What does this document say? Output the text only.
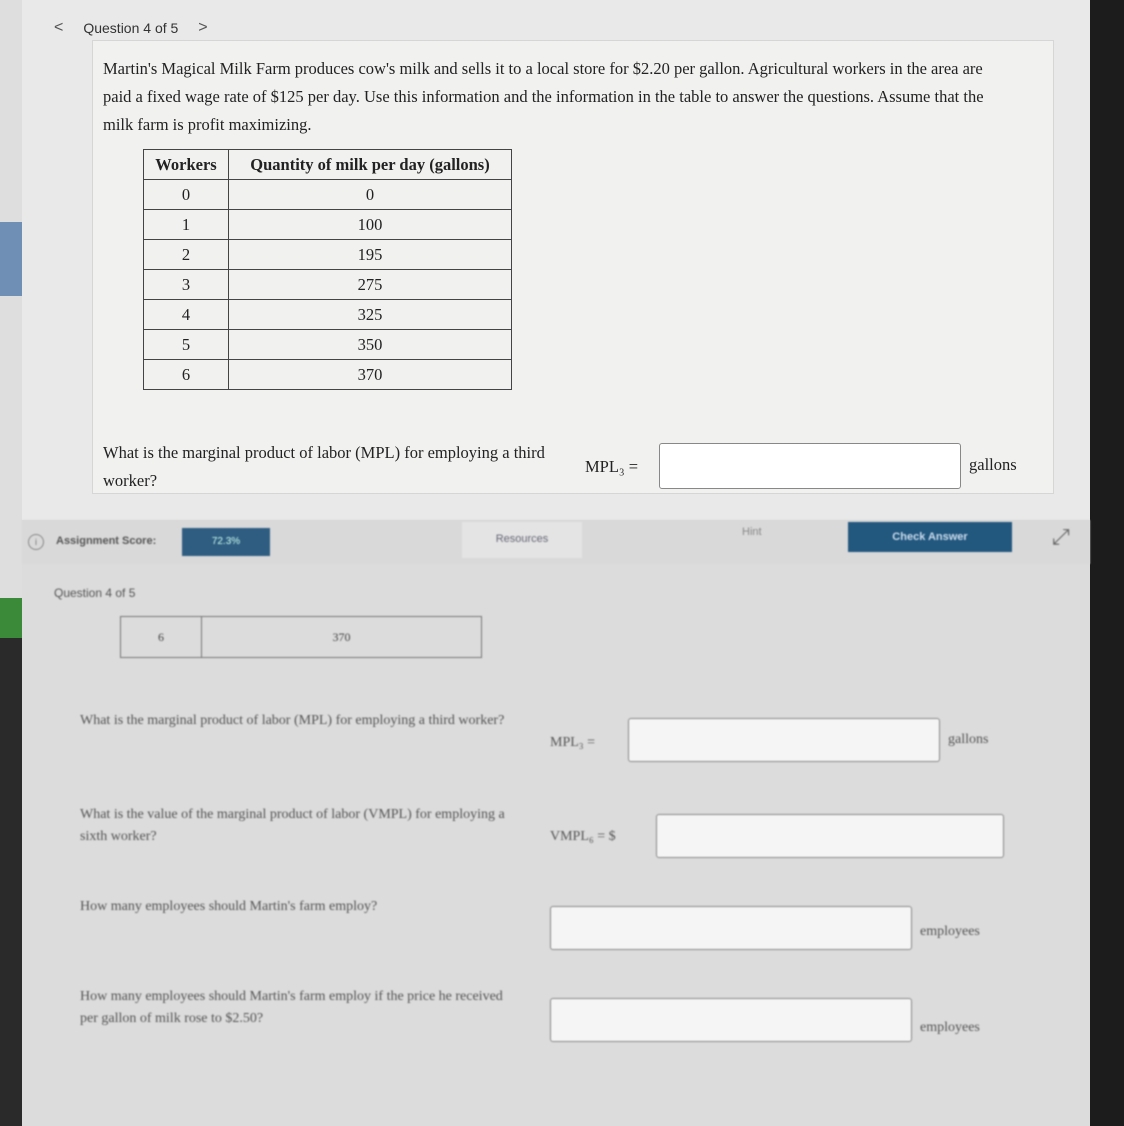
< Question 4 of 5 >
Martin's Magical Milk Farm produces cow's milk and sells it to a local store for $2.20 per gallon. Agricultural workers in the area are paid a fixed wage rate of $125 per day. Use this information and the information in the table to answer the questions. Assume that the milk farm is profit maximizing.
Workers	Quantity of milk per day (gallons)
0	0
1	100
2	195
3	275
4	325
5	350
6	370
What is the marginal product of labor (MPL) for employing a third worker?
MPL₃ =	gallons
i	Assignment Score:	72.3%	Resources
Hint	Check Answer	⤢
Question 4 of 5
6	370
What is the marginal product of labor (MPL) for employing a third worker?
MPL₃ =	gallons
What is the value of the marginal product of labor (VMPL) for employing a sixth worker?	VMPL₆ = $
How many employees should Martin's farm employ?
employees
How many employees should Martin's farm employ if the price he received per gallon of milk rose to $2.50?
employees
